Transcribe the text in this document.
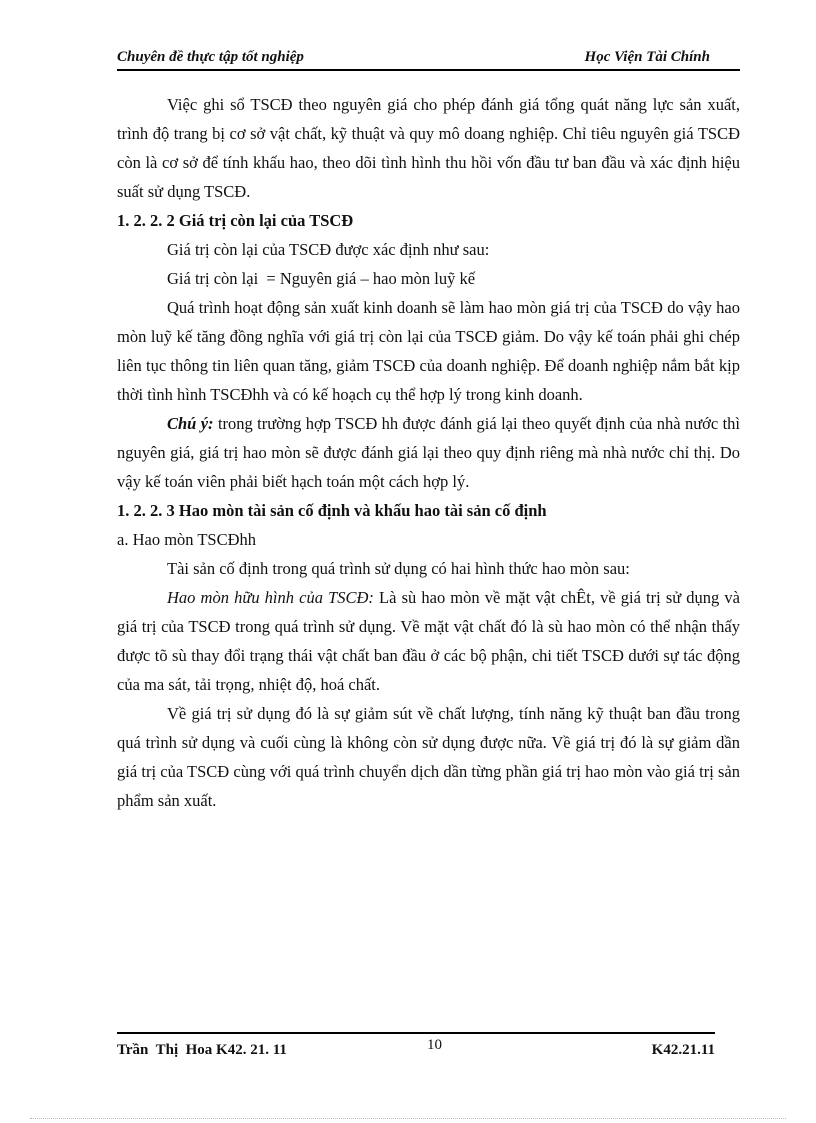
Chuyên đề thực tập tốt nghiệp	Học Viện Tài Chính

Việc ghi sổ TSCĐ theo nguyên giá cho phép đánh giá tổng quát năng lực sản xuất, trình độ trang bị cơ sở vật chất, kỹ thuật và quy mô doang nghiệp. Chỉ tiêu nguyên giá TSCĐ còn là cơ sở để tính khấu hao, theo dõi tình hình thu hồi vốn đầu tư ban đầu và xác định hiệu suất sử dụng TSCĐ.

1. 2. 2. 2 Giá trị còn lại của TSCĐ

Giá trị còn lại của TSCĐ được xác định như sau:

Giá trị còn lại  = Nguyên giá – hao mòn luỹ kế

Quá trình hoạt động sản xuất kinh doanh sẽ làm hao mòn giá trị của TSCĐ do vậy hao mòn luỹ kế tăng đồng nghĩa với giá trị còn lại của TSCĐ giảm. Do vậy kế toán phải ghi chép liên tục thông tin liên quan tăng, giảm TSCĐ của doanh nghiệp. Để doanh nghiệp nắm bắt kịp thời tình hình TSCĐhh và có kế hoạch cụ thể hợp lý trong kinh doanh.

Chú ý: trong trường hợp TSCĐ hh được đánh giá lại theo quyết định của nhà nước thì nguyên giá, giá trị hao mòn sẽ được đánh giá lại theo quy định riêng mà nhà nước chỉ thị. Do vậy kế toán viên phải biết hạch toán một cách hợp lý.

1. 2. 2. 3 Hao mòn tài sản cố định và khấu hao tài sản cố định

a. Hao mòn TSCĐhh

Tài sản cố định trong quá trình sử dụng có hai hình thức hao mòn sau:

Hao mòn hữu hình của TSCĐ: Là sù hao mòn về mặt vật chÊt, về giá trị sử dụng và giá trị của TSCĐ trong quá trình sử dụng. Về mặt vật chất đó là sù hao mòn có thể nhận thấy được tõ sù thay đổi trạng thái vật chất ban đầu ở các bộ phận, chi tiết TSCĐ dưới sự tác động của ma sát, tải trọng, nhiệt độ, hoá chất.

Về giá trị sử dụng đó là sự giảm sút về chất lượng, tính năng kỹ thuật ban đầu trong quá trình sử dụng và cuối cùng là không còn sử dụng được nữa. Về giá trị đó là sự giảm dần giá trị của TSCĐ cùng với quá trình chuyển dịch dần từng phần giá trị hao mòn vào giá trị sản phẩm sản xuất.

Trần  Thị  Hoa K42. 21. 11	10	K42.21.11
